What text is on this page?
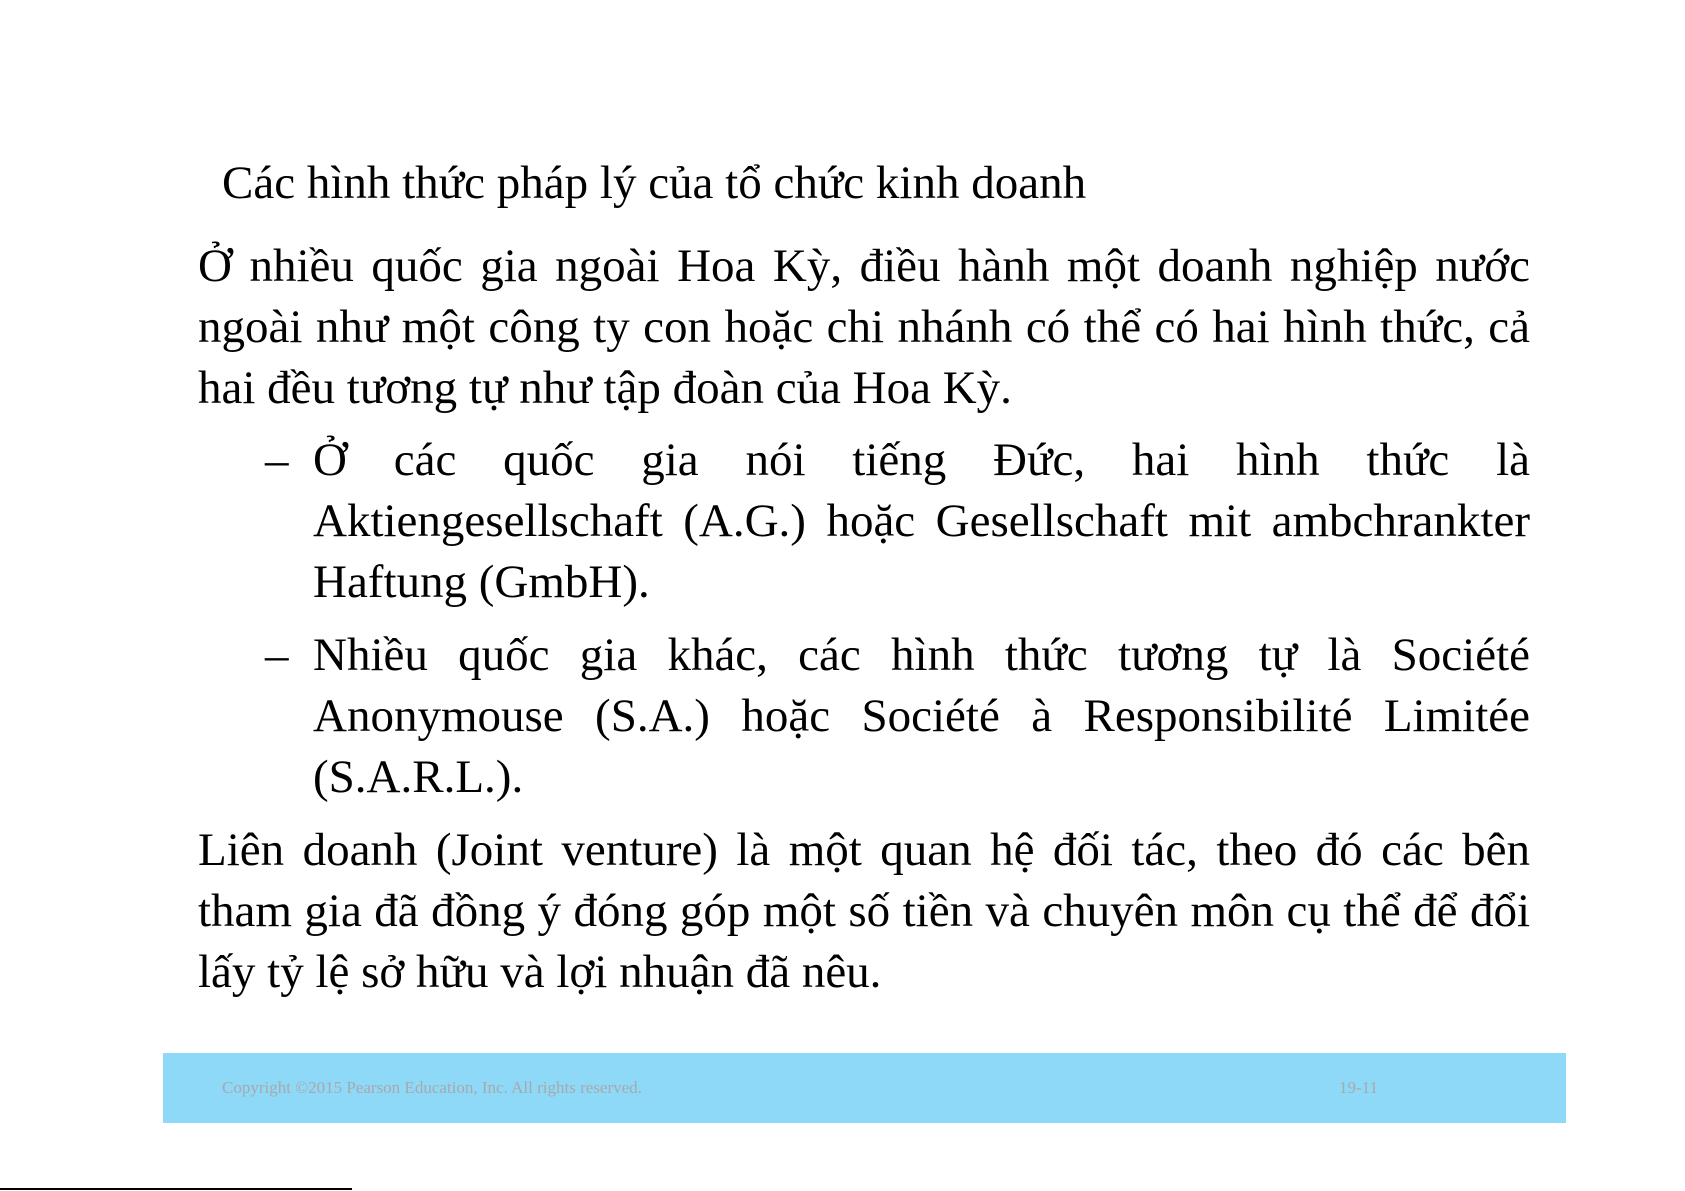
Các hình thức pháp lý của tổ chức kinh doanh
Ở nhiều quốc gia ngoài Hoa Kỳ, điều hành một doanh nghiệp nước ngoài như một công ty con hoặc chi nhánh có thể có hai hình thức, cả hai đều tương tự như tập đoàn của Hoa Kỳ.
– Ở các quốc gia nói tiếng Đức, hai hình thức là Aktiengesellschaft (A.G.) hoặc Gesellschaft mit ambchrankter Haftung (GmbH).
– Nhiều quốc gia khác, các hình thức tương tự là Société Anonymouse (S.A.) hoặc Société à Responsibilité Limitée (S.A.R.L.).
Liên doanh (Joint venture) là một quan hệ đối tác, theo đó các bên tham gia đã đồng ý đóng góp một số tiền và chuyên môn cụ thể để đổi lấy tỷ lệ sở hữu và lợi nhuận đã nêu.
Copyright ©2015 Pearson Education, Inc. All rights reserved.	19-11
